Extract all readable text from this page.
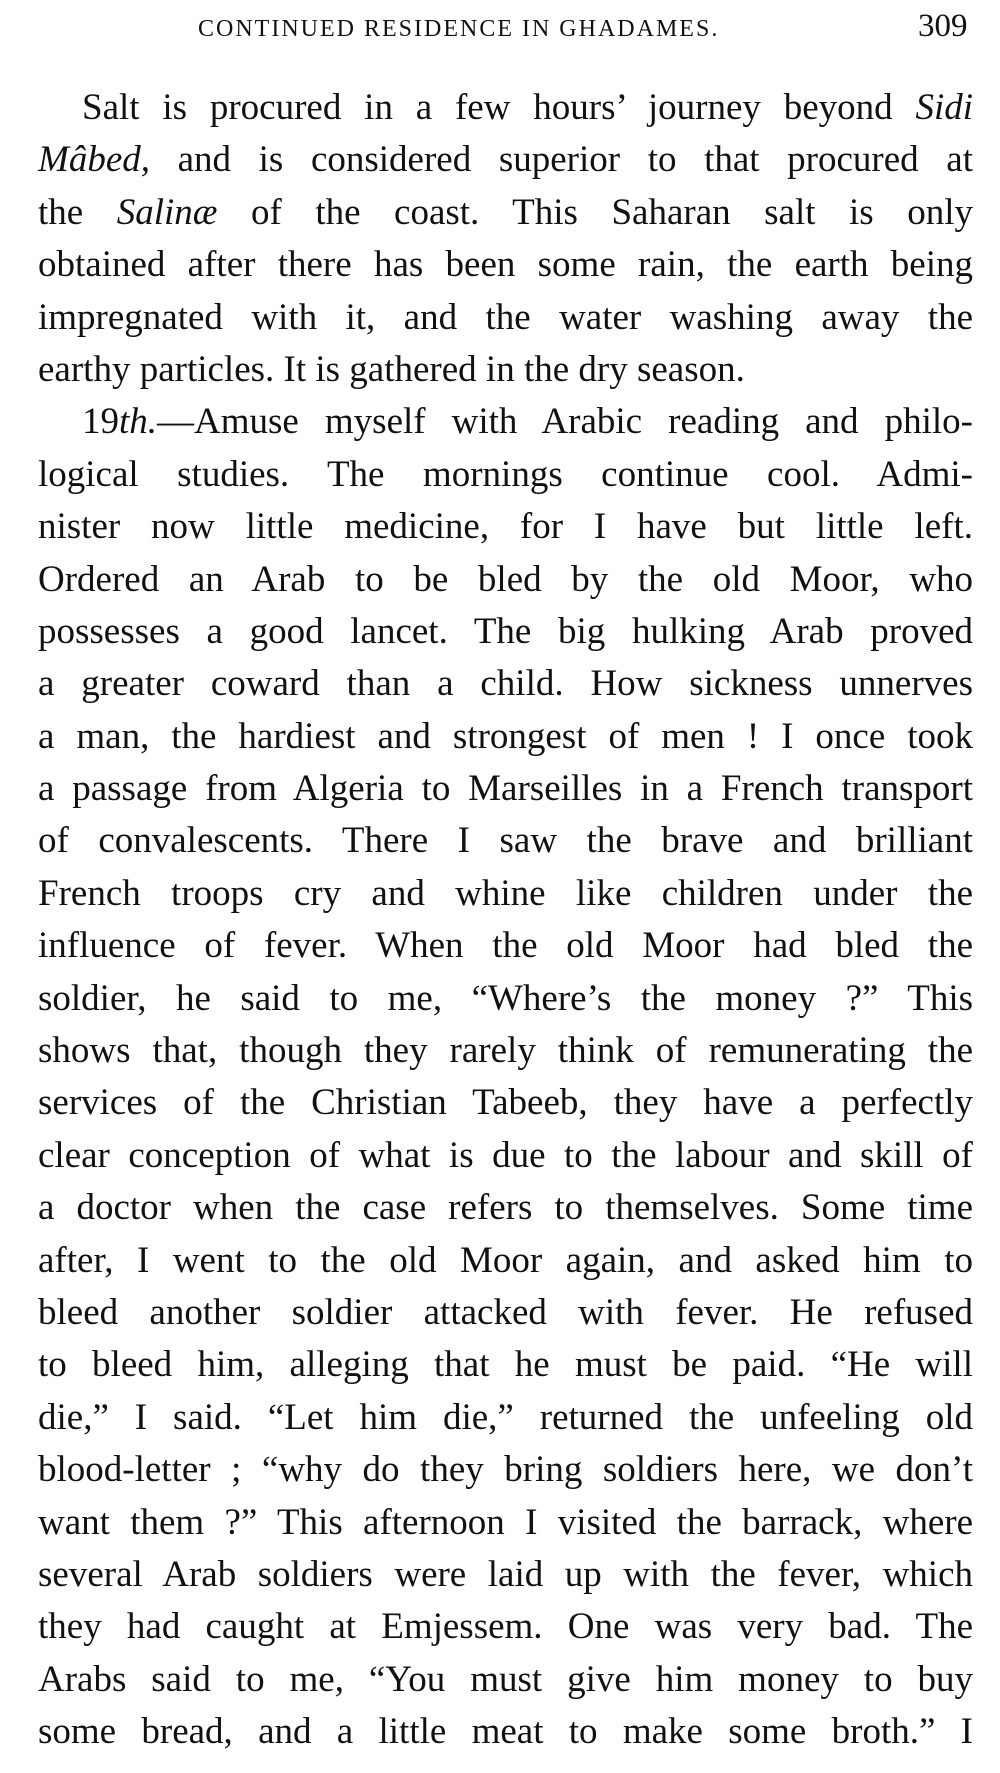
CONTINUED RESIDENCE IN GHADAMES.	309
Salt is procured in a few hours’ journey beyond Sidi
Mâbed, and is considered superior to that procured at
the Salinæ of the coast. This Saharan salt is only
obtained after there has been some rain, the earth being
impregnated with it, and the water washing away the
earthy particles. It is gathered in the dry season.
19th.—Amuse myself with Arabic reading and philo-
logical studies. The mornings continue cool. Admi-
nister now little medicine, for I have but little left.
Ordered an Arab to be bled by the old Moor, who
possesses a good lancet. The big hulking Arab proved
a greater coward than a child. How sickness unnerves
a man, the hardiest and strongest of men ! I once took
a passage from Algeria to Marseilles in a French transport
of convalescents. There I saw the brave and brilliant
French troops cry and whine like children under the
influence of fever. When the old Moor had bled the
soldier, he said to me, “Where’s the money ?” This
shows that, though they rarely think of remunerating the
services of the Christian Tabeeb, they have a perfectly
clear conception of what is due to the labour and skill of
a doctor when the case refers to themselves. Some time
after, I went to the old Moor again, and asked him to
bleed another soldier attacked with fever. He refused
to bleed him, alleging that he must be paid. “He will
die,” I said. “Let him die,” returned the unfeeling old
blood-letter ; “why do they bring soldiers here, we don’t
want them ?” This afternoon I visited the barrack, where
several Arab soldiers were laid up with the fever, which
they had caught at Emjessem. One was very bad. The
Arabs said to me, “You must give him money to buy
some bread, and a little meat to make some broth.” I
